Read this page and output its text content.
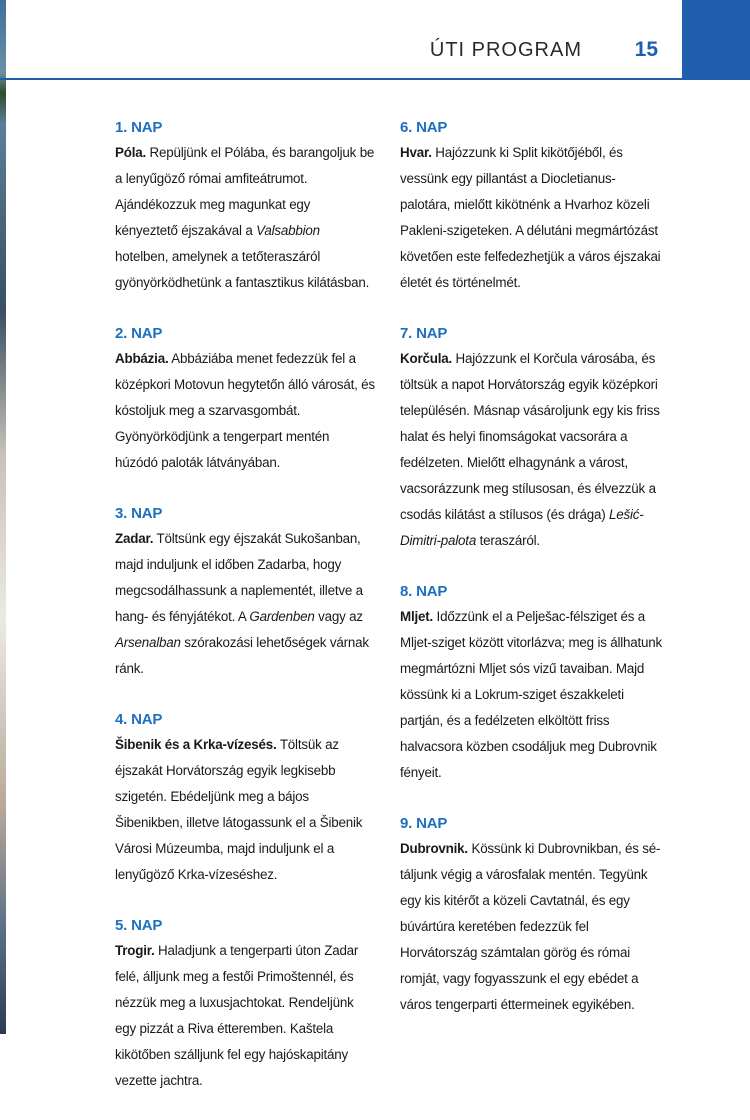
ÚTI PROGRAM	15
1. NAP

Póla. Repüljünk el Pólába, és barangoljuk be a lenyűgöző római amfiteátrumot. Ajándékozzuk meg magunkat egy kényeztető éjszakával a Valsabbion hotelben, amelynek a tetőteraszáról gyönyörködhetünk a fantasztikus kilátásban.

2. NAP

Abbázia. Abbáziába menet fedezzük fel a középkori Motovun hegytetőn álló városát, és kóstoljuk meg a szarvasgombát. Gyönyörködjünk a tengerpart mentén húzódó paloták látványában.

3. NAP

Zadar. Töltsünk egy éjszakát Sukošanban, majd induljunk el időben Zadarba, hogy megcsodálhassunk a naplementét, illetve a hang- és fényjátékot. A Gardenben vagy az Arsenalban szórakozási lehetőségek várnak ránk.

4. NAP

Šibenik és a Krka-vízesés. Töltsük az éjszakát Horvátország egyik legkisebb szigetén. Ebédeljünk meg a bájos Šibenikben, illetve látogassunk el a Šibenik Városi Múzeumba, majd induljunk el a lenyűgöző Krka-vízeséshez.

5. NAP

Trogir. Haladjunk a tengerparti úton Zadar felé, álljunk meg a festői Primoštennél, és nézzük meg a luxusjachtokat. Rendeljünk egy pizzát a Riva étteremben. Kaštela kikötőben szálljunk fel egy hajóskapitány vezette jachtra.

6. NAP

Hvar. Hajózzunk ki Split kikötőjéből, és vessünk egy pillantást a Diocletianus-palotára, mielőtt kikötnénk a Hvarhoz közeli Pakleni-szigeteken. A délutáni megmártózást követően este felfedezhetjük a város éjszakai életét és történelmét.

7. NAP

Korčula. Hajózzunk el Korčula városába, és töltsük a napot Horvátország egyik középkori településén. Másnap vásároljunk egy kis friss halat és helyi finomságokat vacsorára a fedélzeten. Mielőtt elhagynánk a várost, vacsorázzunk meg stílusosan, és élvezzük a csodás kilátást a stílusos (és drága) Lešić-Dimitri-palota teraszáról.

8. NAP

Mljet. Időzzünk el a Pelješac-félsziget és a Mljet-sziget között vitorlázva; meg is állhatunk megmártózni Mljet sós vizű tavaiban. Majd kössünk ki a Lokrum-sziget északkeleti partján, és a fedélzeten elköltött friss halvacsora közben csodáljuk meg Dubrovnik fényeit.

9. NAP

Dubrovnik. Kössünk ki Dubrovnikban, és sétáljunk végig a városfalak mentén. Tegyünk egy kis kitérőt a közeli Cavtatnál, és egy búvártúra keretében fedezzük fel Horvátország számtalan görög és római romját, vagy fogyasszunk el egy ebédet a város tengerparti éttermeinek egyikében.
